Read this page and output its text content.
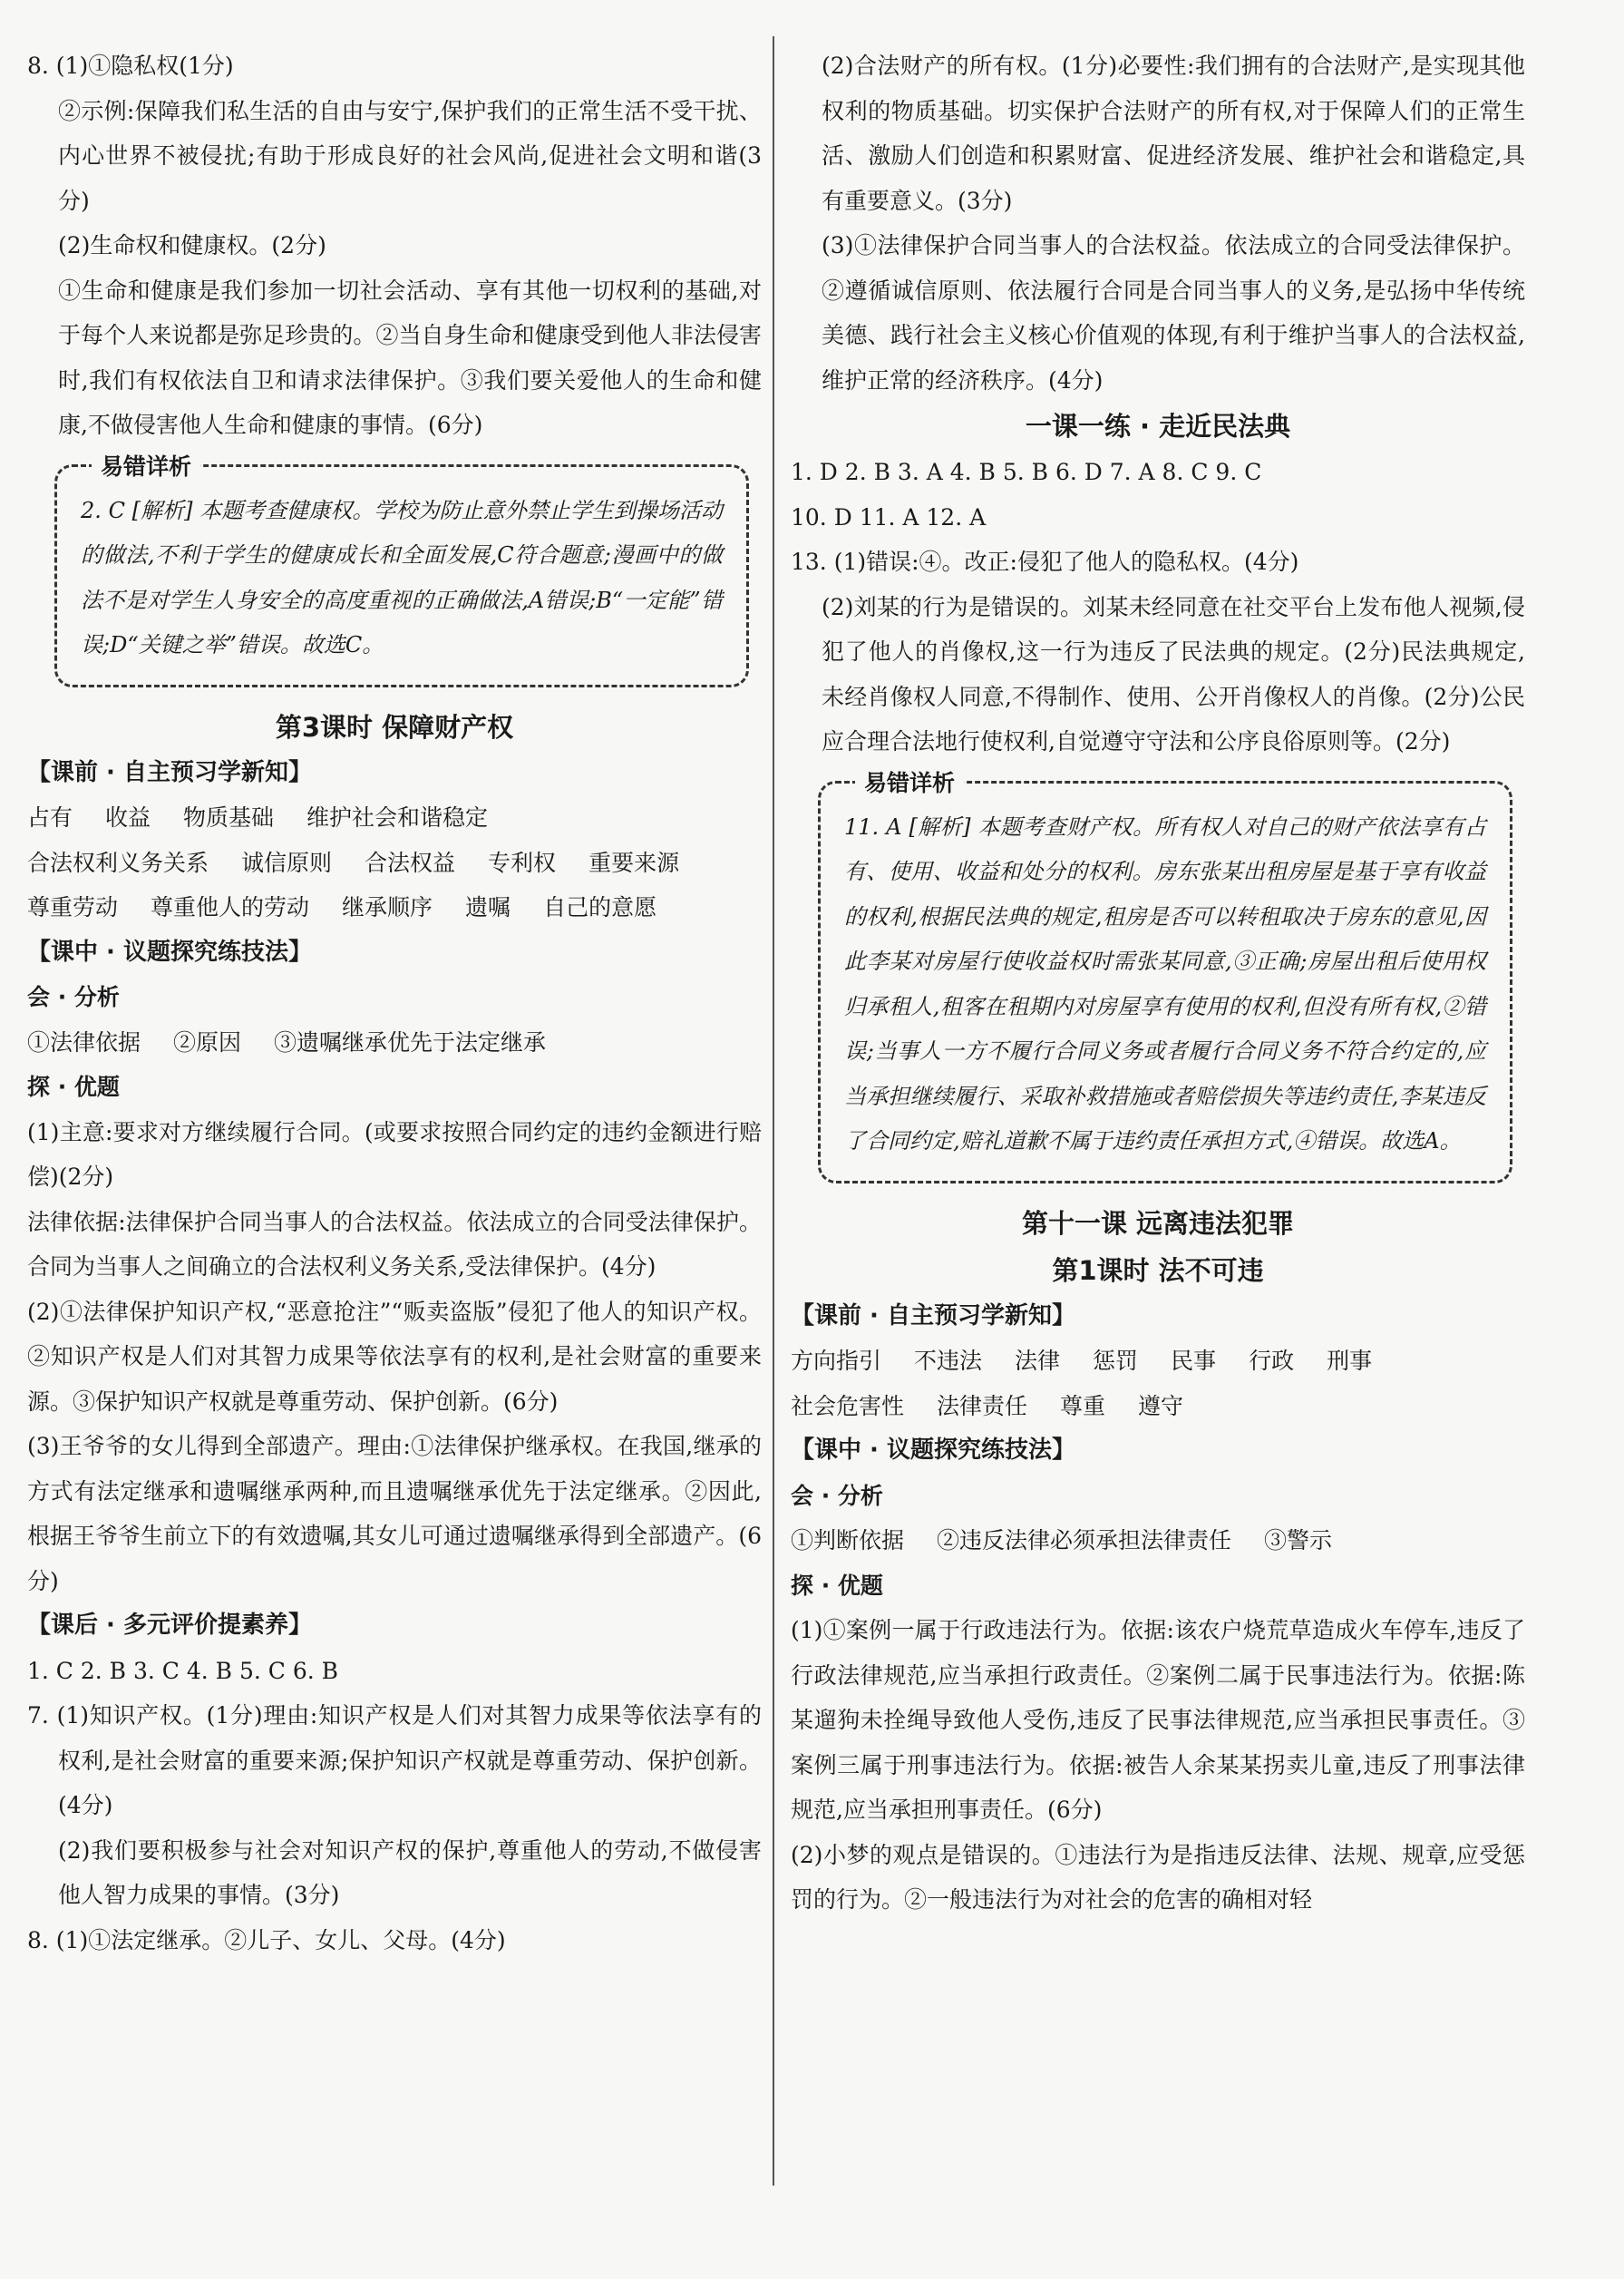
8. (1)①隐私权(1分)

②示例:保障我们私生活的自由与安宁,保护我们的正常生活不受干扰、内心世界不被侵扰;有助于形成良好的社会风尚,促进社会文明和谐(3分)

(2)生命权和健康权。(2分)

①生命和健康是我们参加一切社会活动、享有其他一切权利的基础,对于每个人来说都是弥足珍贵的。②当自身生命和健康受到他人非法侵害时,我们有权依法自卫和请求法律保护。③我们要关爱他人的生命和健康,不做侵害他人生命和健康的事情。(6分)

易错详析

2. C [解析] 本题考查健康权。学校为防止意外禁止学生到操场活动的做法,不利于学生的健康成长和全面发展,C符合题意;漫画中的做法不是对学生人身安全的高度重视的正确做法,A错误;B“一定能”错误;D“关键之举”错误。故选C。

第3课时 保障财产权

【课前 · 自主预习学新知】

占有 收益 物质基础 维护社会和谐稳定

合法权利义务关系 诚信原则 合法权益 专利权 重要来源

尊重劳动 尊重他人的劳动 继承顺序 遗嘱 自己的意愿

【课中 · 议题探究练技法】

会 · 分析

①法律依据 ②原因 ③遗嘱继承优先于法定继承

探 · 优题

(1)主意:要求对方继续履行合同。(或要求按照合同约定的违约金额进行赔偿)(2分)

法律依据:法律保护合同当事人的合法权益。依法成立的合同受法律保护。合同为当事人之间确立的合法权利义务关系,受法律保护。(4分)

(2)①法律保护知识产权,“恶意抢注”“贩卖盗版”侵犯了他人的知识产权。②知识产权是人们对其智力成果等依法享有的权利,是社会财富的重要来源。③保护知识产权就是尊重劳动、保护创新。(6分)

(3)王爷爷的女儿得到全部遗产。理由:①法律保护继承权。在我国,继承的方式有法定继承和遗嘱继承两种,而且遗嘱继承优先于法定继承。②因此,根据王爷爷生前立下的有效遗嘱,其女儿可通过遗嘱继承得到全部遗产。(6分)

【课后 · 多元评价提素养】

1. C 2. B 3. C 4. B 5. C 6. B

7. (1)知识产权。(1分)理由:知识产权是人们对其智力成果等依法享有的权利,是社会财富的重要来源;保护知识产权就是尊重劳动、保护创新。(4分)

(2)我们要积极参与社会对知识产权的保护,尊重他人的劳动,不做侵害他人智力成果的事情。(3分)

8. (1)①法定继承。②儿子、女儿、父母。(4分)

(2)合法财产的所有权。(1分)必要性:我们拥有的合法财产,是实现其他权利的物质基础。切实保护合法财产的所有权,对于保障人们的正常生活、激励人们创造和积累财富、促进经济发展、维护社会和谐稳定,具有重要意义。(3分)

(3)①法律保护合同当事人的合法权益。依法成立的合同受法律保护。②遵循诚信原则、依法履行合同是合同当事人的义务,是弘扬中华传统美德、践行社会主义核心价值观的体现,有利于维护当事人的合法权益,维护正常的经济秩序。(4分)

一课一练 · 走近民法典

1. D 2. B 3. A 4. B 5. B 6. D 7. A 8. C 9. C

10. D 11. A 12. A

13. (1)错误:④。改正:侵犯了他人的隐私权。(4分)

(2)刘某的行为是错误的。刘某未经同意在社交平台上发布他人视频,侵犯了他人的肖像权,这一行为违反了民法典的规定。(2分)民法典规定,未经肖像权人同意,不得制作、使用、公开肖像权人的肖像。(2分)公民应合理合法地行使权利,自觉遵守守法和公序良俗原则等。(2分)

易错详析

11. A [解析] 本题考查财产权。所有权人对自己的财产依法享有占有、使用、收益和处分的权利。房东张某出租房屋是基于享有收益的权利,根据民法典的规定,租房是否可以转租取决于房东的意见,因此李某对房屋行使收益权时需张某同意,③正确;房屋出租后使用权归承租人,租客在租期内对房屋享有使用的权利,但没有所有权,②错误;当事人一方不履行合同义务或者履行合同义务不符合约定的,应当承担继续履行、采取补救措施或者赔偿损失等违约责任,李某违反了合同约定,赔礼道歉不属于违约责任承担方式,④错误。故选A。

第十一课 远离违法犯罪

第1课时 法不可违

【课前 · 自主预习学新知】

方向指引 不违法 法律 惩罚 民事 行政 刑事

社会危害性 法律责任 尊重 遵守

【课中 · 议题探究练技法】

会 · 分析

①判断依据 ②违反法律必须承担法律责任 ③警示

探 · 优题

(1)①案例一属于行政违法行为。依据:该农户烧荒草造成火车停车,违反了行政法律规范,应当承担行政责任。②案例二属于民事违法行为。依据:陈某遛狗未拴绳导致他人受伤,违反了民事法律规范,应当承担民事责任。③案例三属于刑事违法行为。依据:被告人余某某拐卖儿童,违反了刑事法律规范,应当承担刑事责任。(6分)

(2)小梦的观点是错误的。①违法行为是指违反法律、法规、规章,应受惩罚的行为。②一般违法行为对社会的危害的确相对轻
